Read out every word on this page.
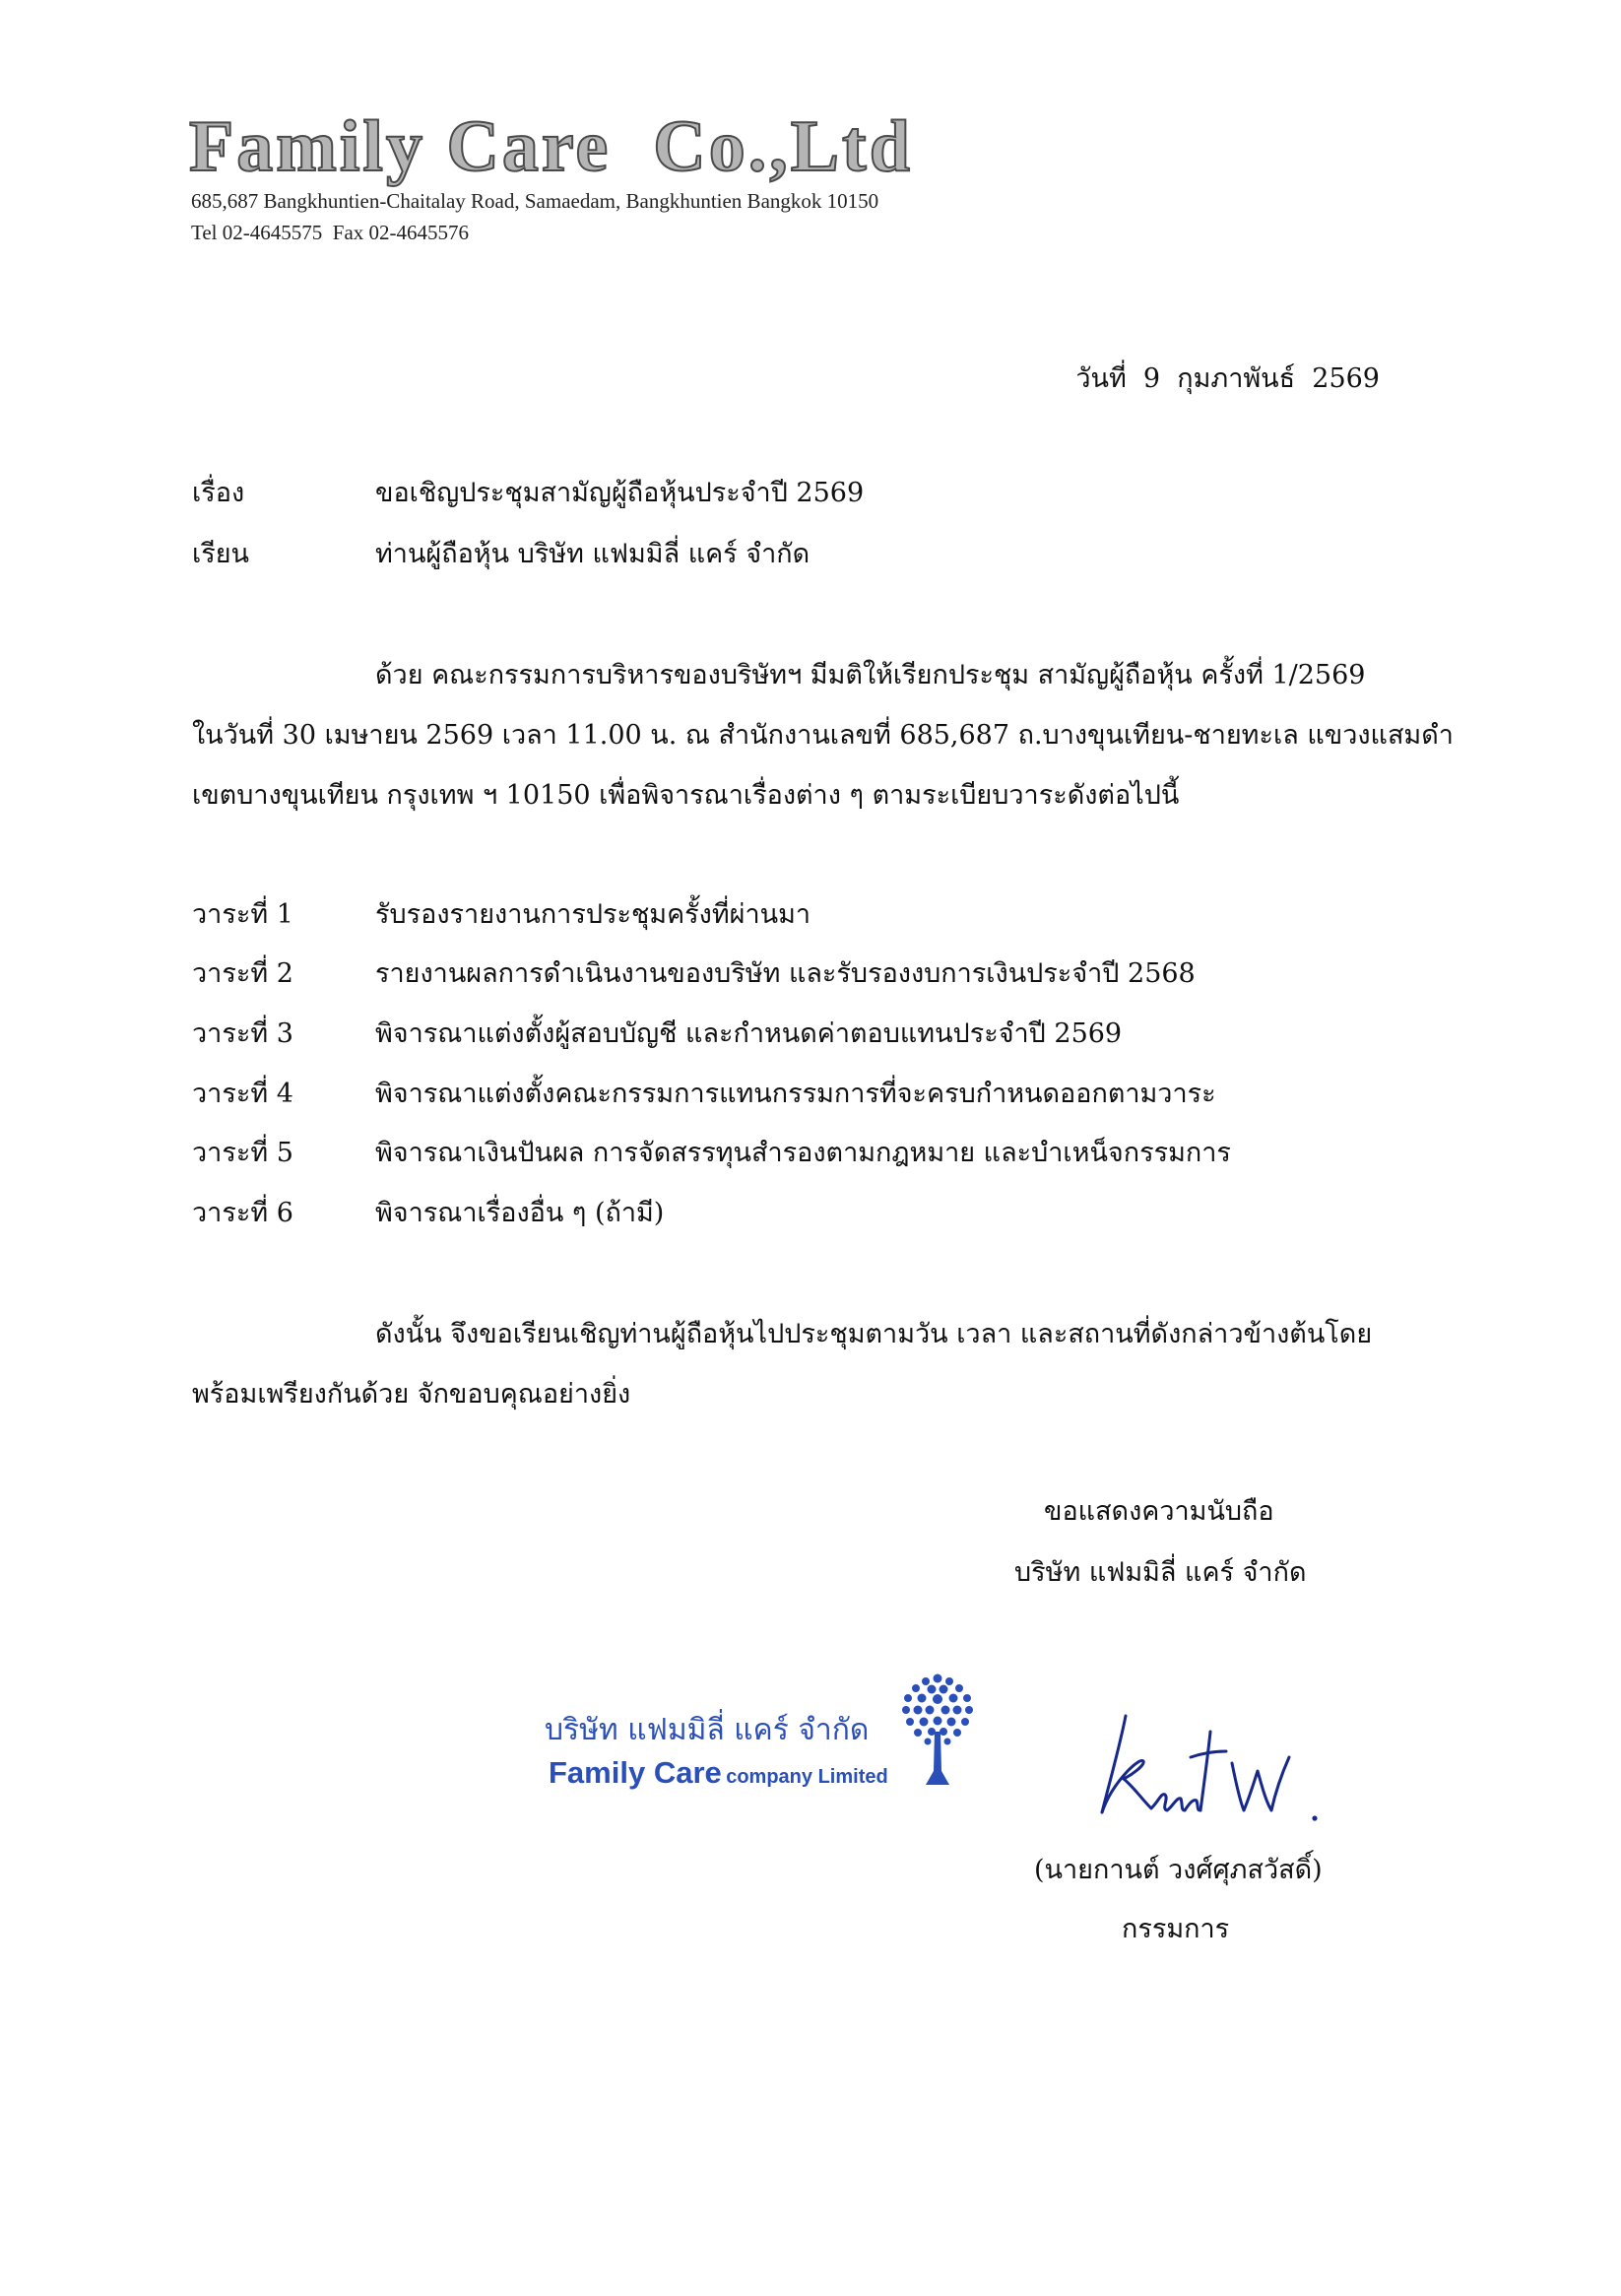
Family Care  Co.,Ltd
685,687 Bangkhuntien-Chaitalay Road, Samaedam, Bangkhuntien Bangkok 10150
Tel 02-4645575  Fax 02-4645576
วันที่  9  กุมภาพันธ์  2569
เรื่อง	ขอเชิญประชุมสามัญผู้ถือหุ้นประจำปี 2569
เรียน	ท่านผู้ถือหุ้น บริษัท แฟมมิลี่ แคร์ จำกัด
ด้วย คณะกรรมการบริหารของบริษัทฯ มีมติให้เรียกประชุม สามัญผู้ถือหุ้น ครั้งที่ 1/2569
ในวันที่ 30 เมษายน 2569 เวลา 11.00 น. ณ สำนักงานเลขที่ 685,687 ถ.บางขุนเทียน-ชายทะเล แขวงแสมดำ
เขตบางขุนเทียน กรุงเทพ ฯ 10150 เพื่อพิจารณาเรื่องต่าง ๆ ตามระเบียบวาระดังต่อไปนี้
วาระที่ 1	รับรองรายงานการประชุมครั้งที่ผ่านมา
วาระที่ 2	รายงานผลการดำเนินงานของบริษัท และรับรองงบการเงินประจำปี 2568
วาระที่ 3	พิจารณาแต่งตั้งผู้สอบบัญชี และกำหนดค่าตอบแทนประจำปี 2569
วาระที่ 4	พิจารณาแต่งตั้งคณะกรรมการแทนกรรมการที่จะครบกำหนดออกตามวาระ
วาระที่ 5	พิจารณาเงินปันผล การจัดสรรทุนสำรองตามกฎหมาย และบำเหน็จกรรมการ
วาระที่ 6	พิจารณาเรื่องอื่น ๆ (ถ้ามี)
ดังนั้น จึงขอเรียนเชิญท่านผู้ถือหุ้นไปประชุมตามวัน เวลา และสถานที่ดังกล่าวข้างต้นโดย
พร้อมเพรียงกันด้วย จักขอบคุณอย่างยิ่ง
ขอแสดงความนับถือ
บริษัท แฟมมิลี่ แคร์ จำกัด
บริษัท แฟมมิลี่ แคร์ จำกัด
Family Care company Limited
(นายกานต์ วงศ์ศุภสวัสดิ์)
กรรมการ
